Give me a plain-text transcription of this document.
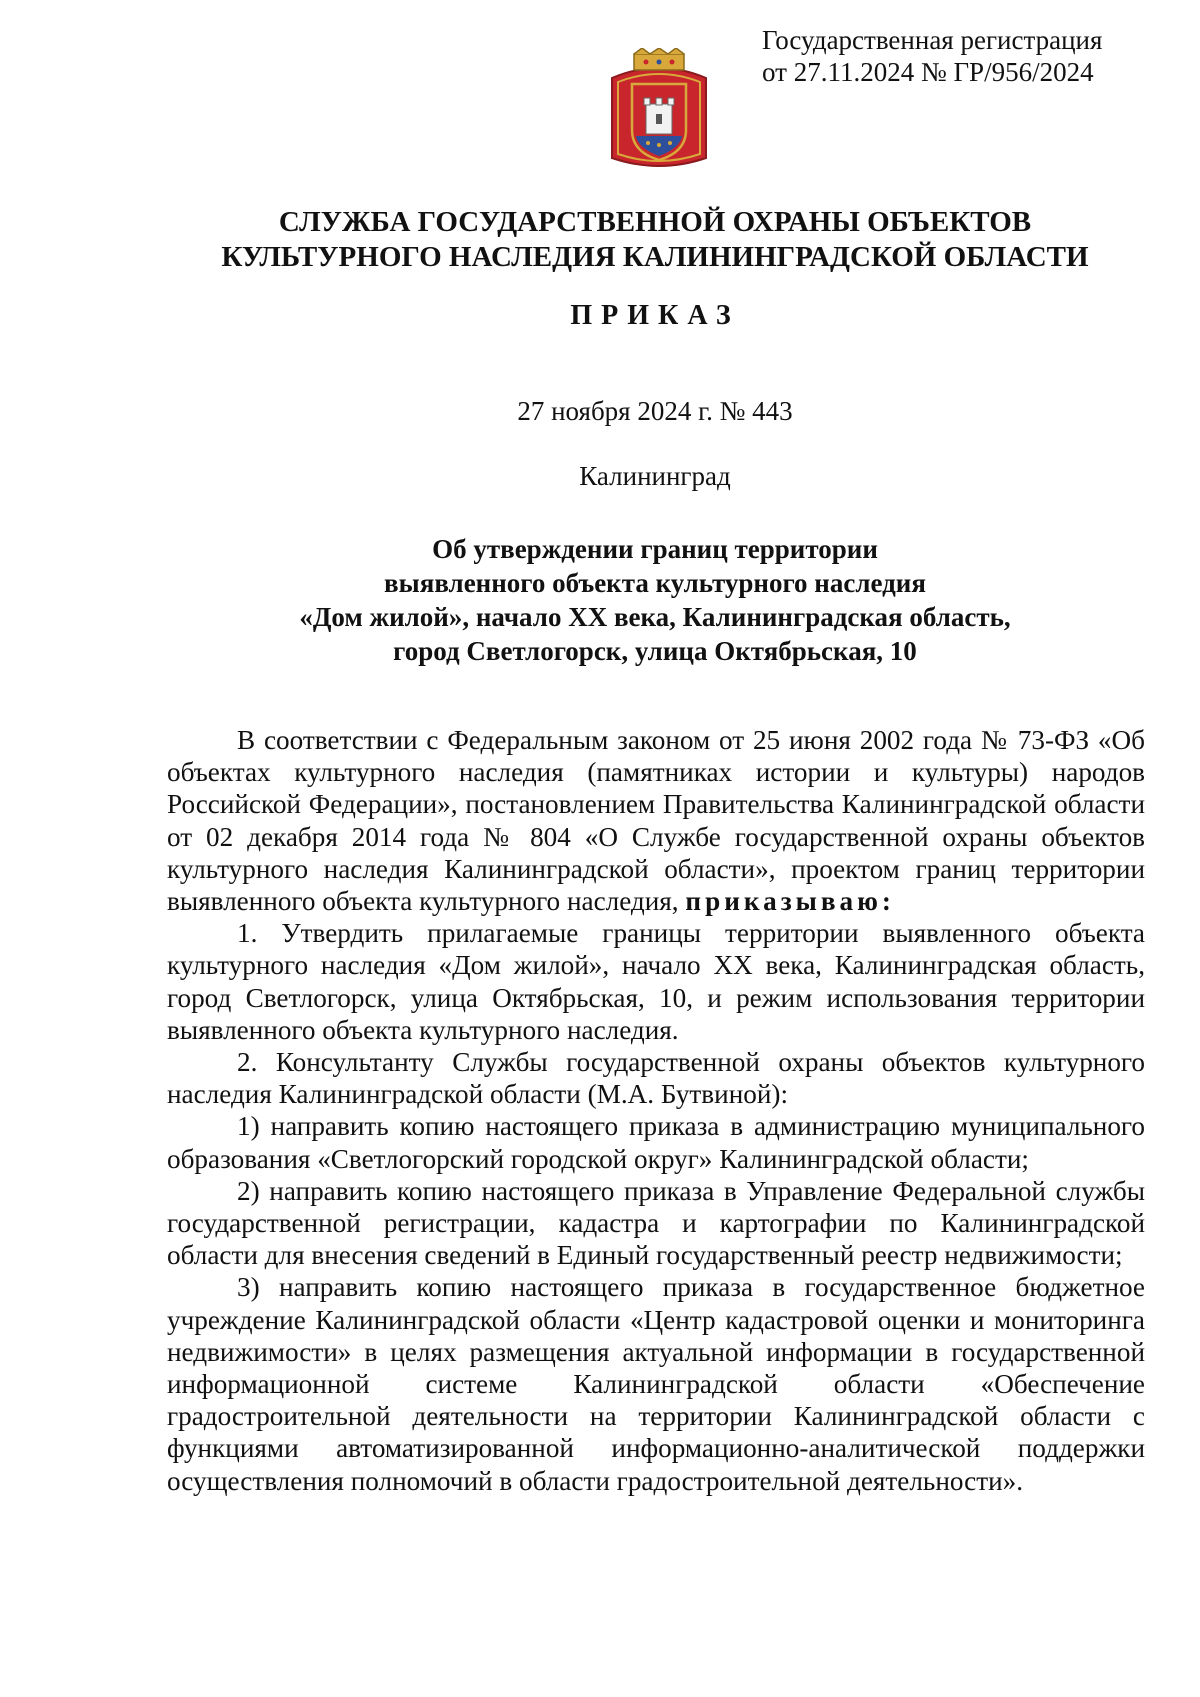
Государственная регистрация
от 27.11.2024 № ГР/956/2024
СЛУЖБА ГОСУДАРСТВЕННОЙ ОХРАНЫ ОБЪЕКТОВ
КУЛЬТУРНОГО НАСЛЕДИЯ КАЛИНИНГРАДСКОЙ ОБЛАСТИ
ПРИКАЗ
27 ноября 2024 г. № 443
Калининград
Об утверждении границ территории
выявленного объекта культурного наследия
«Дом жилой», начало XX века, Калининградская область,
город Светлогорск, улица Октябрьская, 10

В соответствии с Федеральным законом от 25 июня 2002 года № 73-ФЗ «Об объектах культурного наследия (памятниках истории и культуры) народов Российской Федерации», постановлением Правительства Калининградской области от 02 декабря 2014 года № 804 «О Службе государственной охраны объектов культурного наследия Калининградской области», проектом границ территории выявленного объекта культурного наследия, приказываю:

1. Утвердить прилагаемые границы территории выявленного объекта культурного наследия «Дом жилой», начало XX века, Калининградская область, город Светлогорск, улица Октябрьская, 10, и режим использования территории выявленного объекта культурного наследия.

2. Консультанту Службы государственной охраны объектов культурного наследия Калининградской области (М.А. Бутвиной):

1) направить копию настоящего приказа в администрацию муниципального образования «Светлогорский городской округ» Калининградской области;

2) направить копию настоящего приказа в Управление Федеральной службы государственной регистрации, кадастра и картографии по Калининградской области для внесения сведений в Единый государственный реестр недвижимости;

3) направить копию настоящего приказа в государственное бюджетное учреждение Калининградской области «Центр кадастровой оценки и мониторинга недвижимости» в целях размещения актуальной информации в государственной информационной системе Калининградской области «Обеспечение градостроительной деятельности на территории Калининградской области с функциями автоматизированной информационно-аналитической поддержки осуществления полномочий в области градостроительной деятельности».
